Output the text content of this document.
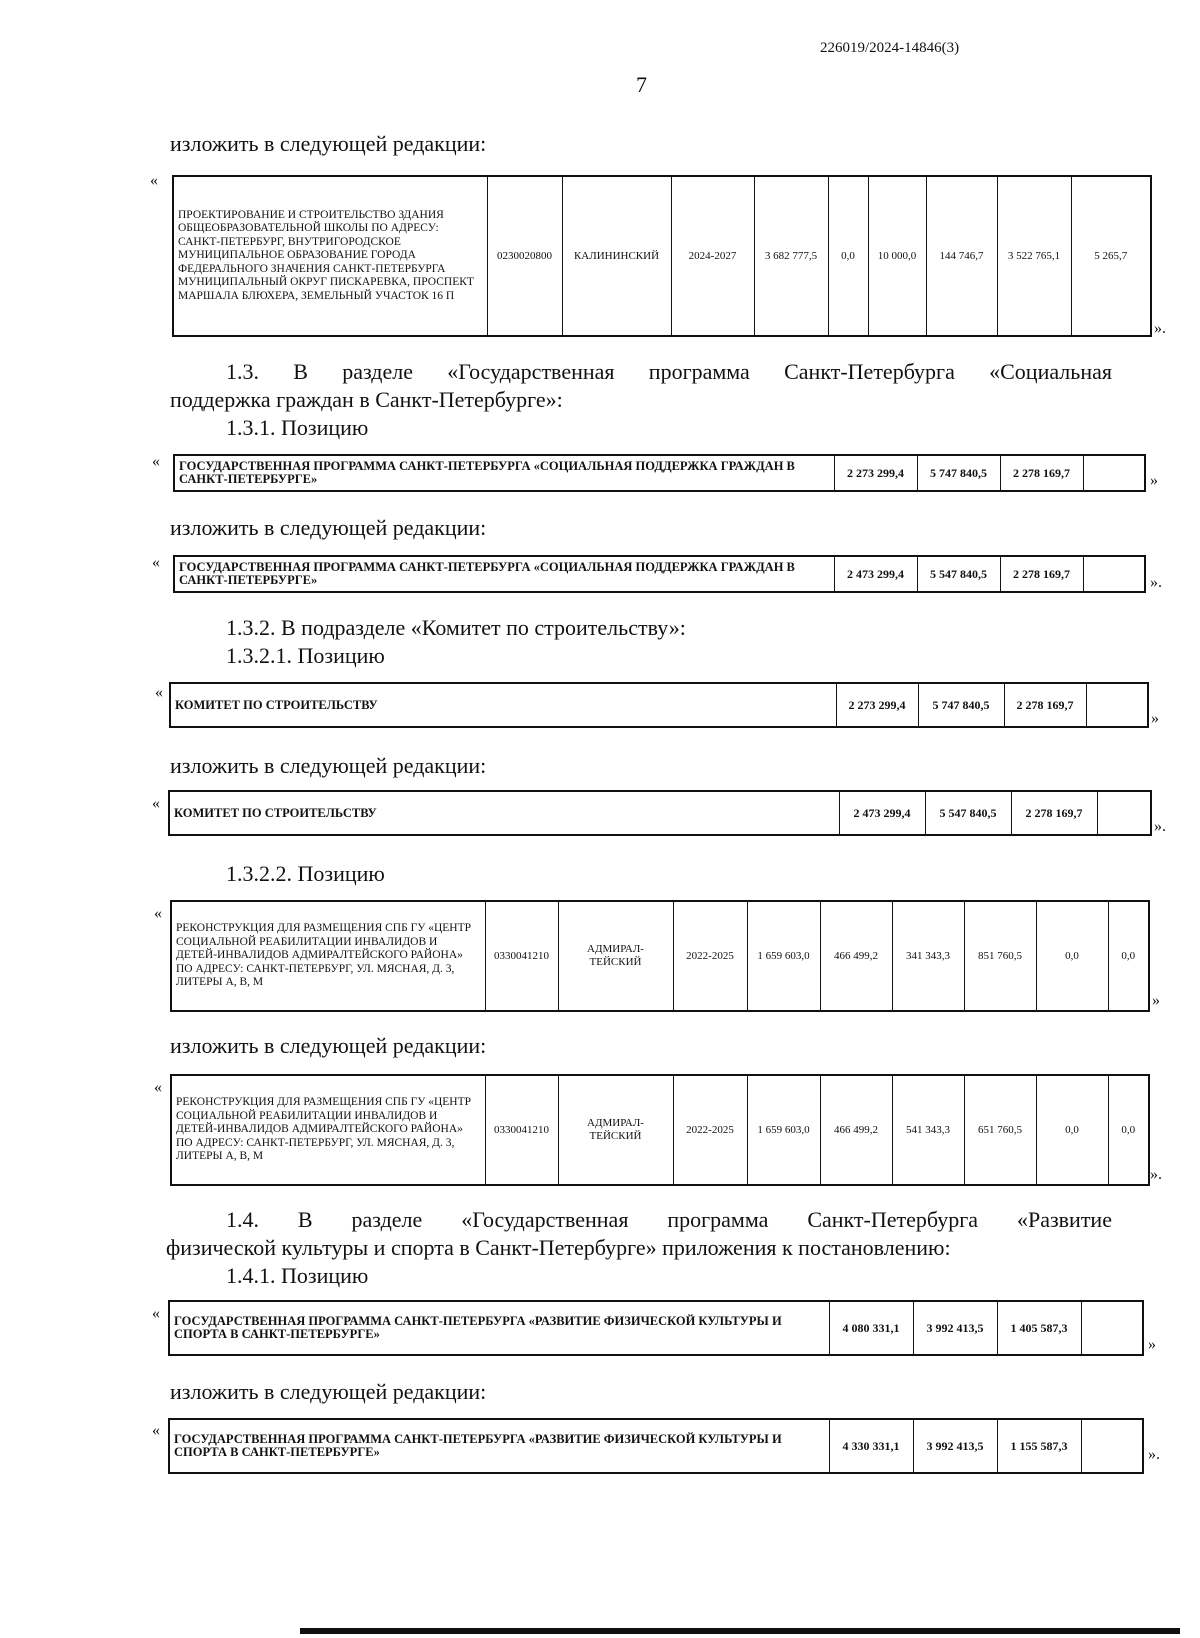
226019/2024-14846(3)
7
изложить в следующей редакции:
«
ПРОЕКТИРОВАНИЕ И СТРОИТЕЛЬСТВО ЗДАНИЯ ОБЩЕОБРАЗОВАТЕЛЬНОЙ ШКОЛЫ ПО АДРЕСУ: САНКТ-ПЕТЕРБУРГ, ВНУТРИГОРОДСКОЕ МУНИЦИПАЛЬНОЕ ОБРАЗОВАНИЕ ГОРОДА ФЕДЕРАЛЬНОГО ЗНАЧЕНИЯ САНКТ-ПЕТЕРБУРГА МУНИЦИПАЛЬНЫЙ ОКРУГ ПИСКАРЕВКА, ПРОСПЕКТ МАРШАЛА БЛЮХЕРА, ЗЕМЕЛЬНЫЙ УЧАСТОК 16 П	0230020800	КАЛИНИНСКИЙ	2024-2027	3 682 777,5	0,0	10 000,0	144 746,7	3 522 765,1	5 265,7
».
1.3. В разделе «Государственная программа Санкт-Петербурга «Социальная
поддержка граждан в Санкт-Петербурге»:
1.3.1. Позицию
« ГОСУДАРСТВЕННАЯ ПРОГРАММА САНКТ-ПЕТЕРБУРГА «СОЦИАЛЬНАЯ ПОДДЕРЖКА ГРАЖДАН В САНКТ-ПЕТЕРБУРГЕ»	2 273 299,4	5 747 840,5	2 278 169,7		»
изложить в следующей редакции:
« ГОСУДАРСТВЕННАЯ ПРОГРАММА САНКТ-ПЕТЕРБУРГА «СОЦИАЛЬНАЯ ПОДДЕРЖКА ГРАЖДАН В САНКТ-ПЕТЕРБУРГЕ»	2 473 299,4	5 547 840,5	2 278 169,7	
».
1.3.2. В подразделе «Комитет по строительству»:
1.3.2.1. Позицию
«
КОМИТЕТ ПО СТРОИТЕЛЬСТВУ	2 273 299,4	5 747 840,5	2 278 169,7	
»
изложить в следующей редакции:
«
КОМИТЕТ ПО СТРОИТЕЛЬСТВУ	2 473 299,4	5 547 840,5	2 278 169,7	
».
1.3.2.2. Позицию
«
РЕКОНСТРУКЦИЯ ДЛЯ РАЗМЕЩЕНИЯ СПБ ГУ «ЦЕНТР СОЦИАЛЬНОЙ РЕАБИЛИТАЦИИ ИНВАЛИДОВ И ДЕТЕЙ-ИНВАЛИДОВ АДМИРАЛТЕЙСКОГО РАЙОНА» ПО АДРЕСУ: САНКТ-ПЕТЕРБУРГ, УЛ. МЯСНАЯ, Д. 3, ЛИТЕРЫ А, В, М	0330041210	АДМИРАЛ-ТЕЙСКИЙ	2022-2025	1 659 603,0	466 499,2	341 343,3	851 760,5	0,0	0,0
»
изложить в следующей редакции:
«
РЕКОНСТРУКЦИЯ ДЛЯ РАЗМЕЩЕНИЯ СПБ ГУ «ЦЕНТР СОЦИАЛЬНОЙ РЕАБИЛИТАЦИИ ИНВАЛИДОВ И ДЕТЕЙ-ИНВАЛИДОВ АДМИРАЛТЕЙСКОГО РАЙОНА» ПО АДРЕСУ: САНКТ-ПЕТЕРБУРГ, УЛ. МЯСНАЯ, Д. 3, ЛИТЕРЫ А, В, М	0330041210	АДМИРАЛ-ТЕЙСКИЙ	2022-2025	1 659 603,0	466 499,2	541 343,3	651 760,5	0,0	0,0
».
1.4. В разделе «Государственная программа Санкт-Петербурга «Развитие
физической культуры и спорта в Санкт-Петербурге» приложения к постановлению:
1.4.1. Позицию
« ГОСУДАРСТВЕННАЯ ПРОГРАММА САНКТ-ПЕТЕРБУРГА «РАЗВИТИЕ ФИЗИЧЕСКОЙ КУЛЬТУРЫ И СПОРТА В САНКТ-ПЕТЕРБУРГЕ»	4 080 331,1	3 992 413,5	1 405 587,3	
»
изложить в следующей редакции:
« ГОСУДАРСТВЕННАЯ ПРОГРАММА САНКТ-ПЕТЕРБУРГА «РАЗВИТИЕ ФИЗИЧЕСКОЙ КУЛЬТУРЫ И СПОРТА В САНКТ-ПЕТЕРБУРГЕ»	4 330 331,1	3 992 413,5	1 155 587,3	
».
